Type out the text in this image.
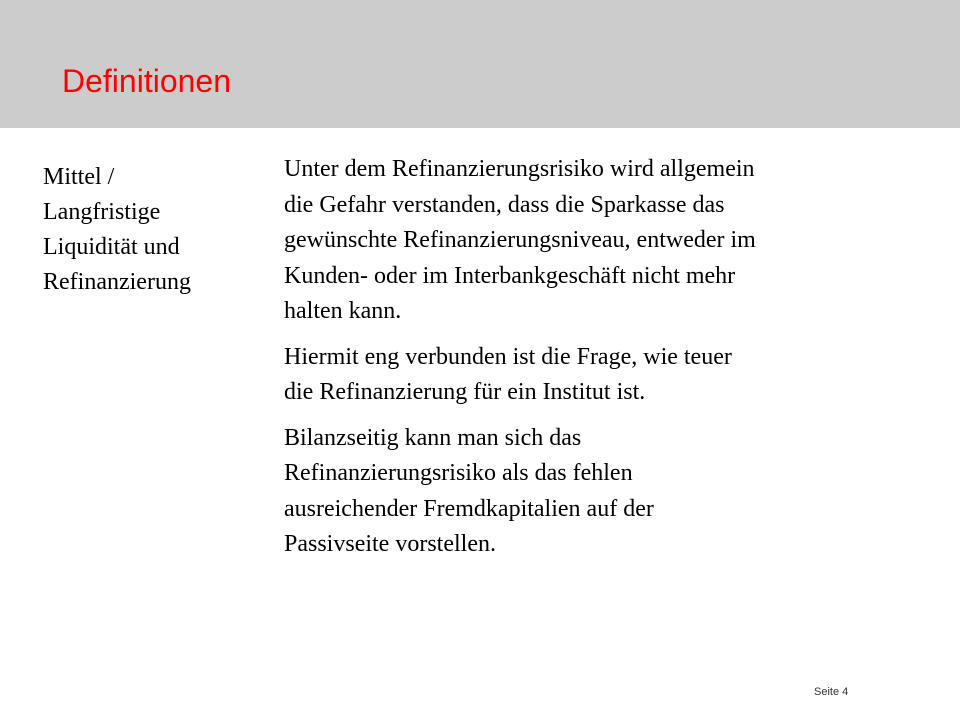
Definitionen
Mittel /
Langfristige
Liquidität und
Refinanzierung

Unter dem Refinanzierungsrisiko wird allgemein
die Gefahr verstanden, dass die Sparkasse das
gewünschte Refinanzierungsniveau, entweder im
Kunden- oder im Interbankgeschäft nicht mehr
halten kann.

Hiermit eng verbunden ist die Frage, wie teuer
die Refinanzierung für ein Institut ist.

Bilanzseitig kann man sich das
Refinanzierungsrisiko als das fehlen
ausreichender Fremdkapitalien auf der
Passivseite vorstellen.

Seite 4
